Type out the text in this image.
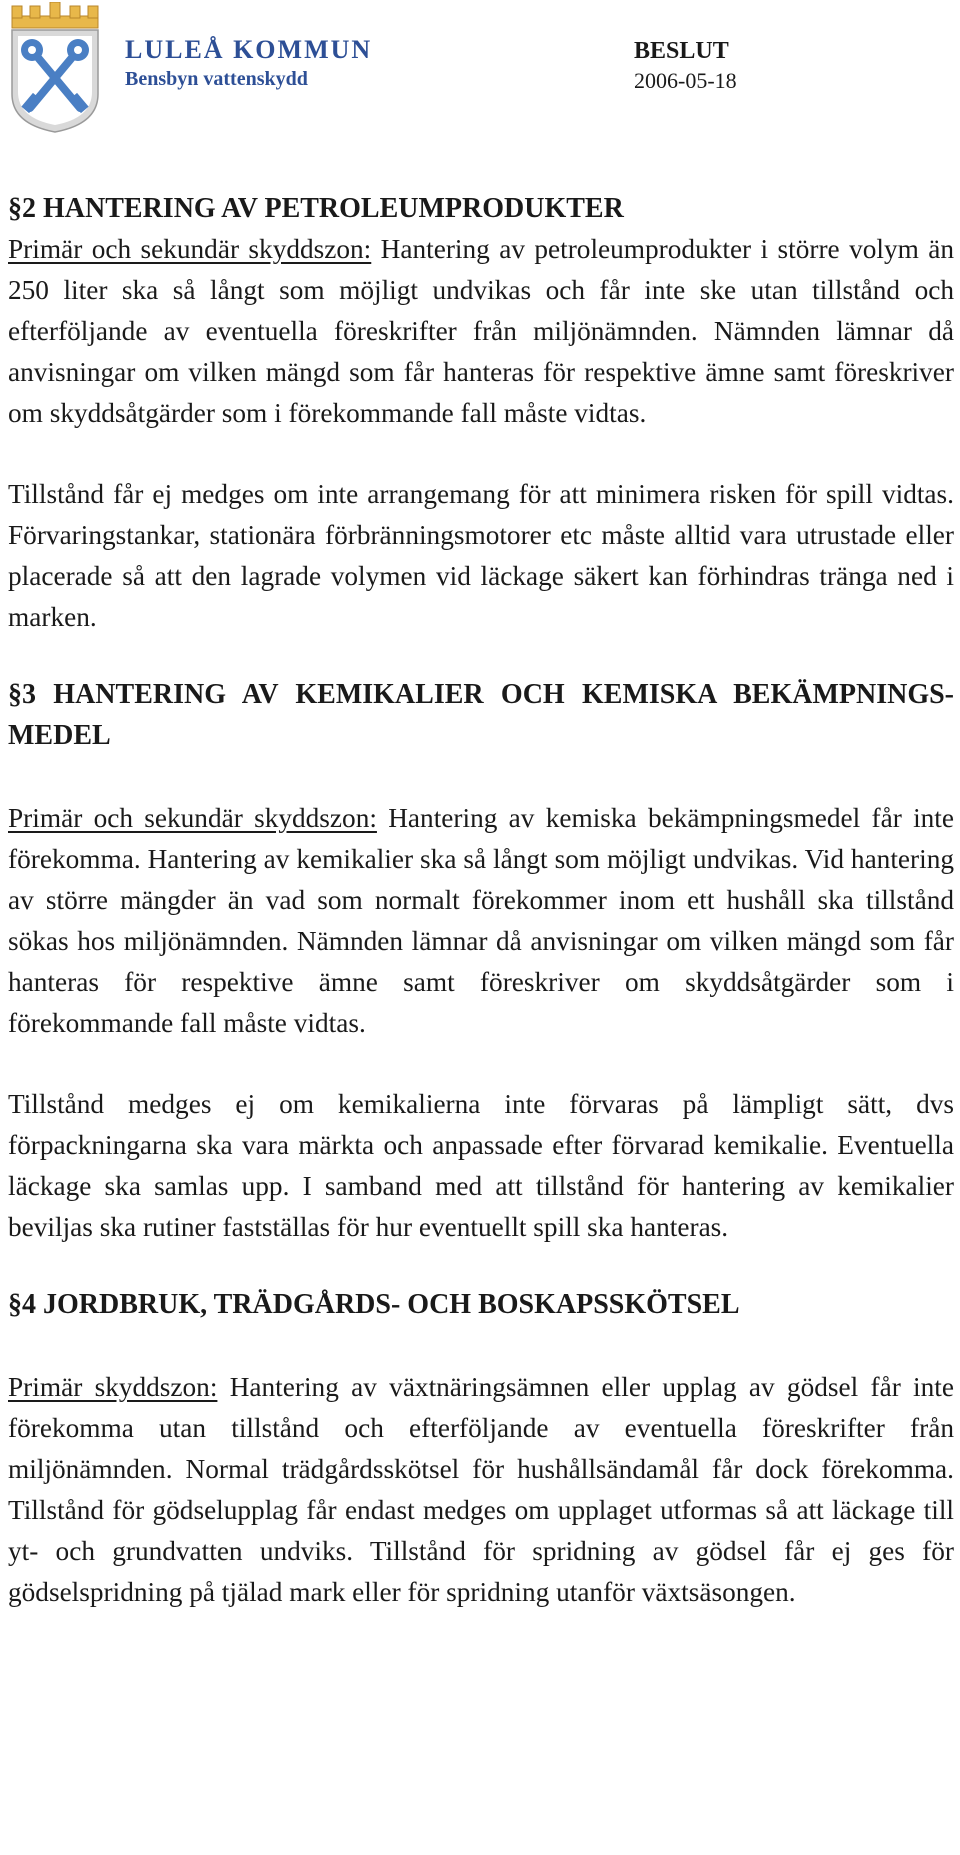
LULEÅ KOMMUN
Bensbyn vattenskydd
BESLUT
2006-05-18
§2 HANTERING AV PETROLEUMPRODUKTER

Primär och sekundär skyddszon: Hantering av petroleumprodukter i större volym än 250 liter ska så långt som möjligt undvikas och får inte ske utan tillstånd och efterföljande av eventuella föreskrifter från miljönämnden. Nämnden lämnar då anvisningar om vilken mängd som får hanteras för respektive ämne samt föreskriver om skyddsåtgärder som i förekommande fall måste vidtas.

Tillstånd får ej medges om inte arrangemang för att minimera risken för spill vidtas. Förvaringstankar, stationära förbränningsmotorer etc måste alltid vara utrustade eller placerade så att den lagrade volymen vid läckage säkert kan förhindras tränga ned i marken.

§3 HANTERING AV KEMIKALIER OCH KEMISKA BEKÄMPNINGS-MEDEL

Primär och sekundär skyddszon: Hantering av kemiska bekämpningsmedel får inte förekomma. Hantering av kemikalier ska så långt som möjligt undvikas. Vid hantering av större mängder än vad som normalt förekommer inom ett hushåll ska tillstånd sökas hos miljönämnden. Nämnden lämnar då anvisningar om vilken mängd som får hanteras för respektive ämne samt föreskriver om skyddsåtgärder som i förekommande fall måste vidtas.

Tillstånd medges ej om kemikalierna inte förvaras på lämpligt sätt, dvs förpackningarna ska vara märkta och anpassade efter förvarad kemikalie. Eventuella läckage ska samlas upp. I samband med att tillstånd för hantering av kemikalier beviljas ska rutiner fastställas för hur eventuellt spill ska hanteras.

§4 JORDBRUK, TRÄDGÅRDS- OCH BOSKAPSSKÖTSEL

Primär skyddszon: Hantering av växtnäringsämnen eller upplag av gödsel får inte förekomma utan tillstånd och efterföljande av eventuella föreskrifter från miljönämnden. Normal trädgårdsskötsel för hushållsändamål får dock förekomma. Tillstånd för gödselupplag får endast medges om upplaget utformas så att läckage till yt- och grundvatten undviks. Tillstånd för spridning av gödsel får ej ges för gödselspridning på tjälad mark eller för spridning utanför växtsäsongen.
